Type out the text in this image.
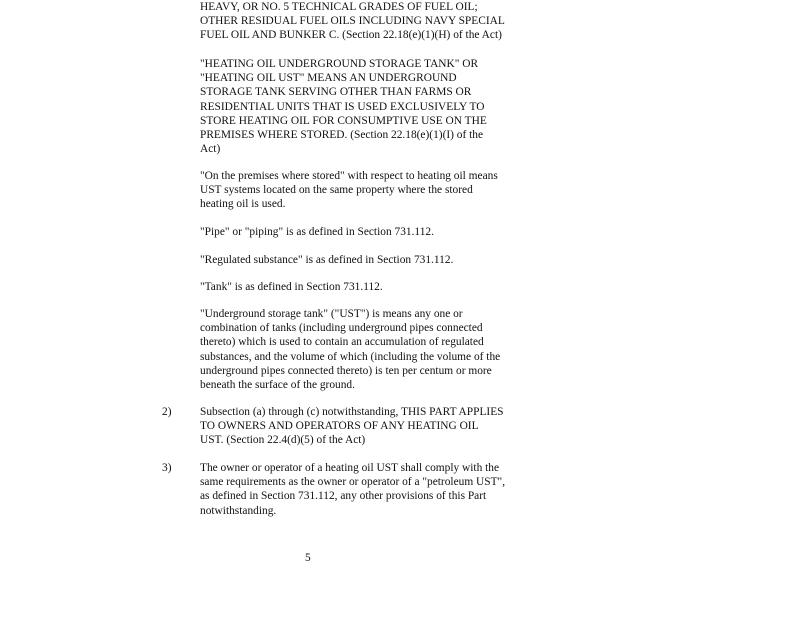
HEAVY, OR NO. 5 TECHNICAL GRADES OF FUEL OIL;
OTHER RESIDUAL FUEL OILS INCLUDING NAVY SPECIAL
FUEL OIL AND BUNKER C. (Section 22.18(e)(1)(H) of the Act)
"HEATING OIL UNDERGROUND STORAGE TANK" OR
"HEATING OIL UST" MEANS AN UNDERGROUND
STORAGE TANK SERVING OTHER THAN FARMS OR
RESIDENTIAL UNITS THAT IS USED EXCLUSIVELY TO
STORE HEATING OIL FOR CONSUMPTIVE USE ON THE
PREMISES WHERE STORED. (Section 22.18(e)(1)(I) of the
Act)
"On the premises where stored" with respect to heating oil means
UST systems located on the same property where the stored
heating oil is used.
"Pipe" or "piping" is as defined in Section 731.112.
"Regulated substance" is as defined in Section 731.112.
"Tank" is as defined in Section 731.112.
"Underground storage tank" ("UST") is means any one or
combination of tanks (including underground pipes connected
thereto) which is used to contain an accumulation of regulated
substances, and the volume of which (including the volume of the
underground pipes connected thereto) is ten per centum or more
beneath the surface of the ground.
2)	Subsection (a) through (c) notwithstanding, THIS PART APPLIES
TO OWNERS AND OPERATORS OF ANY HEATING OIL
UST. (Section 22.4(d)(5) of the Act)
3)	The owner or operator of a heating oil UST shall comply with the
same requirements as the owner or operator of a "petroleum UST",
as defined in Section 731.112, any other provisions of this Part
notwithstanding.
5
